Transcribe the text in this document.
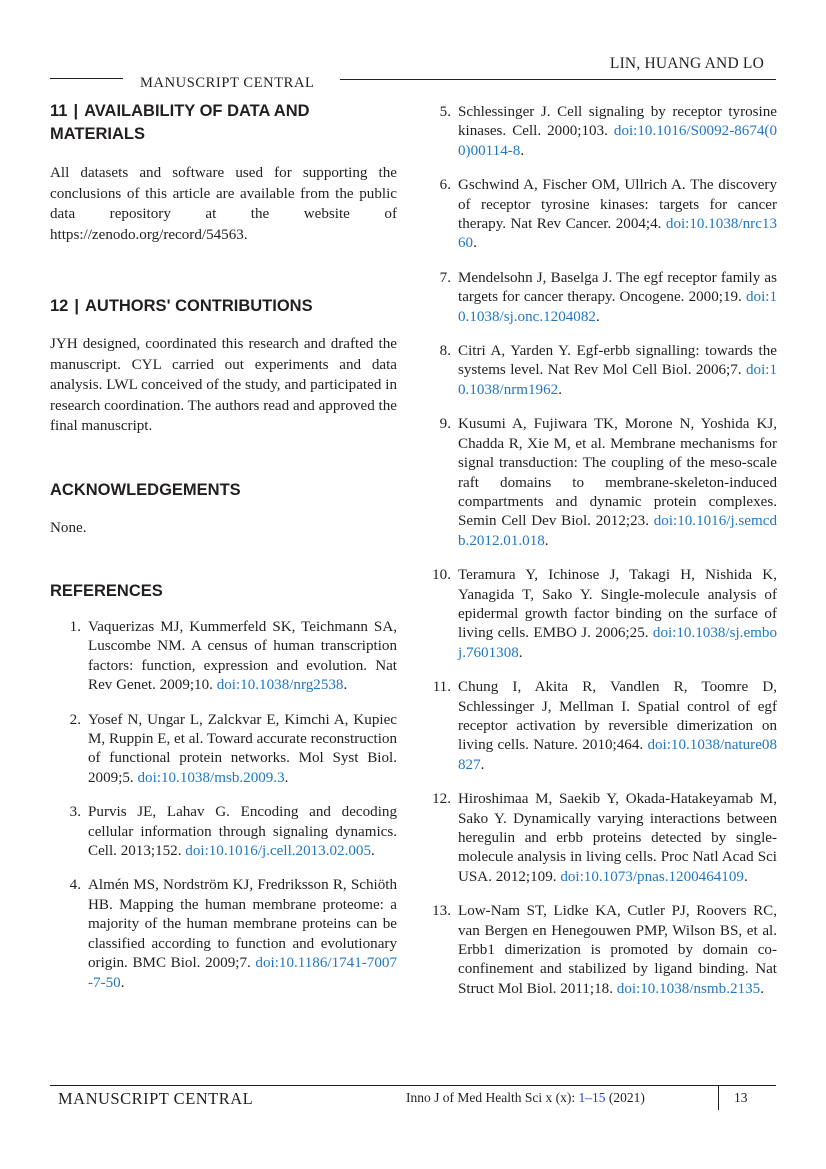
LIN, HUANG AND LO
MANUSCRIPT CENTRAL
11 | AVAILABILITY OF DATA AND MATERIALS

All datasets and software used for supporting the conclusions of this article are available from the public data repository at the website of https://zenodo.org/record/54563.

12 | AUTHORS' CONTRIBUTIONS

JYH designed, coordinated this research and drafted the manuscript. CYL carried out experiments and data analysis. LWL conceived of the study, and participated in research coordination. The authors read and approved the final manuscript.

ACKNOWLEDGEMENTS

None.

REFERENCES
1. Vaquerizas MJ, Kummerfeld SK, Teichmann SA, Luscombe NM. A census of human transcription factors: function, expression and evolution. Nat Rev Genet. 2009;10. doi:10.1038/nrg2538.
2. Yosef N, Ungar L, Zalckvar E, Kimchi A, Kupiec M, Ruppin E, et al. Toward accurate reconstruction of functional protein networks. Mol Syst Biol. 2009;5. doi:10.1038/msb.2009.3.
3. Purvis JE, Lahav G. Encoding and decoding cellular information through signaling dynamics. Cell. 2013;152. doi:10.1016/j.cell.2013.02.005.
4. Almén MS, Nordström KJ, Fredriksson R, Schiöth HB. Mapping the human membrane proteome: a majority of the human membrane proteins can be classified according to function and evolutionary origin. BMC Biol. 2009;7. doi:10.1186/1741-7007-7-50.
5. Schlessinger J. Cell signaling by receptor tyrosine kinases. Cell. 2000;103. doi:10.1016/S0092-8674(00)00114-8.
6. Gschwind A, Fischer OM, Ullrich A. The discovery of receptor tyrosine kinases: targets for cancer therapy. Nat Rev Cancer. 2004;4. doi:10.1038/nrc1360.
7. Mendelsohn J, Baselga J. The egf receptor family as targets for cancer therapy. Oncogene. 2000;19. doi:10.1038/sj.onc.1204082.
8. Citri A, Yarden Y. Egf-erbb signalling: towards the systems level. Nat Rev Mol Cell Biol. 2006;7. doi:10.1038/nrm1962.
9. Kusumi A, Fujiwara TK, Morone N, Yoshida KJ, Chadda R, Xie M, et al. Membrane mechanisms for signal transduction: The coupling of the meso-scale raft domains to membrane-skeleton-induced compartments and dynamic protein complexes. Semin Cell Dev Biol. 2012;23. doi:10.1016/j.semcdb.2012.01.018.
10. Teramura Y, Ichinose J, Takagi H, Nishida K, Yanagida T, Sako Y. Single-molecule analysis of epidermal growth factor binding on the surface of living cells. EMBO J. 2006;25. doi:10.1038/sj.emboj.7601308.
11. Chung I, Akita R, Vandlen R, Toomre D, Schlessinger J, Mellman I. Spatial control of egf receptor activation by reversible dimerization on living cells. Nature. 2010;464. doi:10.1038/nature08827.
12. Hiroshimaa M, Saekib Y, Okada-Hatakeyamab M, Sako Y. Dynamically varying interactions between heregulin and erbb proteins detected by single-molecule analysis in living cells. Proc Natl Acad Sci USA. 2012;109. doi:10.1073/pnas.1200464109.
13. Low-Nam ST, Lidke KA, Cutler PJ, Roovers RC, van Bergen en Henegouwen PMP, Wilson BS, et al. Erbb1 dimerization is promoted by domain co-confinement and stabilized by ligand binding. Nat Struct Mol Biol. 2011;18. doi:10.1038/nsmb.2135.
MANUSCRIPT CENTRAL	Inno J of Med Health Sci x (x): 1–15 (2021)	13
